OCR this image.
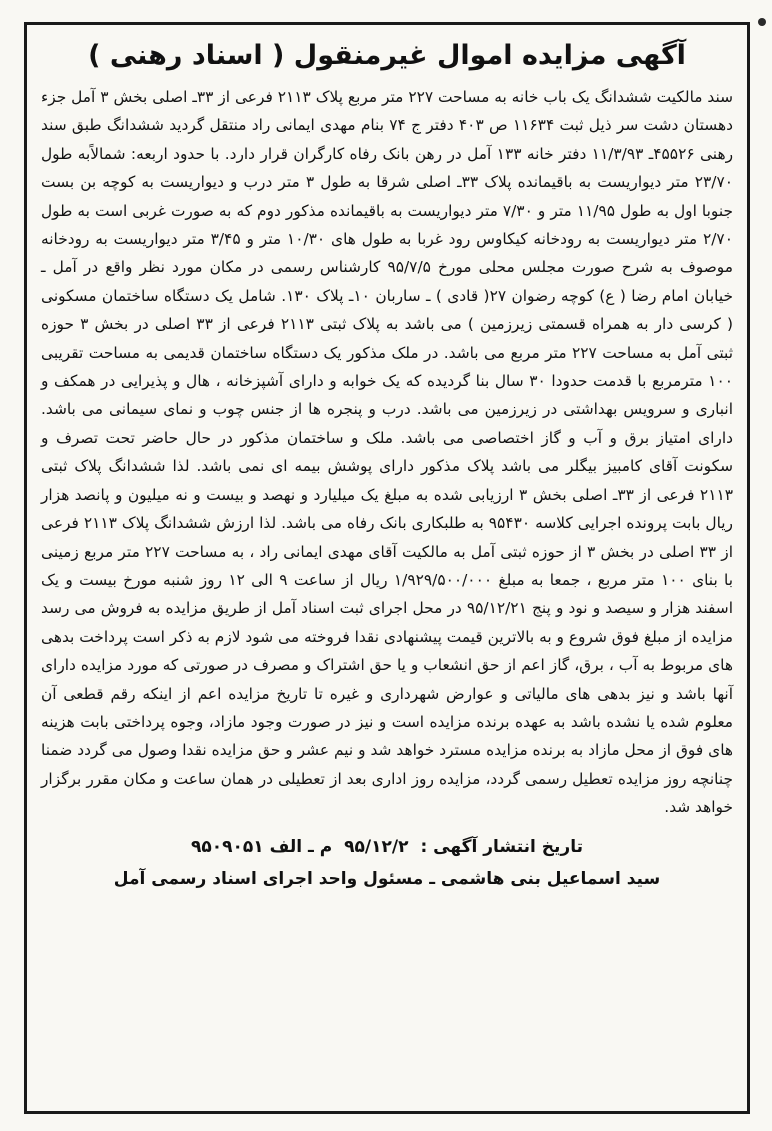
آگهی مزایده اموال غیرمنقول ( اسناد رهنی )

سند مالکیت ششدانگ یک باب خانه به مساحت ۲۲۷ متر مربع پلاک ۲۱۱۳ فرعی از ۳۳ـ اصلی بخش ۳ آمل جزء دهستان دشت سر ذیل ثبت ۱۱۶۳۴ ص ۴۰۳ دفتر ج ۷۴ بنام مهدی ایمانی راد منتقل گردید ششدانگ طبق سند رهنی ۴۵۵۲۶ـ ۱۱/۳/۹۳ دفتر خانه ۱۳۳ آمل در رهن بانک رفاه کارگران قرار دارد. با حدود اربعه: شمالاًبه طول ۲۳/۷۰ متر دیواریست به باقیمانده پلاک ۳۳ـ اصلی شرقا به طول ۳ متر درب و دیواریست به کوچه بن بست جنوبا اول به طول ۱۱/۹۵ متر و ۷/۳۰ متر دیواریست به باقیمانده مذکور دوم که به صورت غربی است به طول ۲/۷۰ متر دیواریست به رودخانه کیکاوس رود غربا به طول های ۱۰/۳۰ متر و ۳/۴۵ متر دیواریست به رودخانه موصوف به شرح صورت مجلس محلی مورخ ۹۵/۷/۵ کارشناس رسمی در مکان مورد نظر واقع در آمل ـ خیابان امام رضا ( ع) کوچه رضوان ۲۷( قادی ) ـ ساربان ۱۰ـ پلاک ۱۳۰. شامل یک دستگاه ساختمان مسکونی ( کرسی دار به همراه قسمتی زیرزمین ) می باشد به پلاک ثبتی ۲۱۱۳ فرعی از ۳۳ اصلی در بخش ۳ حوزه ثبتی آمل به مساحت ۲۲۷ متر مربع می باشد. در ملک مذکور یک دستگاه ساختمان قدیمی به مساحت تقریبی ۱۰۰ مترمربع با قدمت حدودا ۳۰ سال بنا گردیده که یک خوابه و دارای آشپزخانه ، هال و پذیرایی در همکف و انباری و سرویس بهداشتی در زیرزمین می باشد. درب و پنجره ها از جنس چوب و نمای سیمانی می باشد. دارای امتیاز برق و آب و گاز اختصاصی می باشد. ملک و ساختمان مذکور در حال حاضر تحت تصرف و سکونت آقای کامبیز بیگلر می باشد پلاک مذکور دارای پوشش بیمه ای نمی باشد. لذا ششدانگ پلاک ثبتی ۲۱۱۳ فرعی از ۳۳ـ اصلی بخش ۳ ارزیابی شده به مبلغ یک میلیارد و نهصد و بیست و نه میلیون و پانصد هزار ریال بابت پرونده اجرایی کلاسه ۹۵۴۳۰ به طلبکاری بانک رفاه می باشد. لذا ارزش ششدانگ پلاک ۲۱۱۳ فرعی از ۳۳ اصلی در بخش ۳ از حوزه ثبتی آمل به مالکیت آقای مهدی ایمانی راد ، به مساحت ۲۲۷ متر مربع زمینی با بنای ۱۰۰ متر مربع ، جمعا به مبلغ ۱/۹۲۹/۵۰۰/۰۰۰ ریال از ساعت ۹ الی ۱۲ روز شنبه مورخ بیست و یک اسفند هزار و سیصد و نود و پنج ۹۵/۱۲/۲۱ در محل اجرای ثبت اسناد آمل از طریق مزایده به فروش می رسد مزایده از مبلغ فوق شروع و به بالاترین قیمت پیشنهادی نقدا فروخته می شود لازم به ذکر است پرداخت بدهی های مربوط به آب ، برق، گاز اعم از حق انشعاب و یا حق اشتراک و مصرف در صورتی که مورد مزایده دارای آنها باشد و نیز بدهی های مالیاتی و عوارض شهرداری و غیره تا تاریخ مزایده اعم از اینکه رقم قطعی آن معلوم شده یا نشده باشد به عهده برنده مزایده است و نیز در صورت وجود مازاد، وجوه پرداختی بابت هزینه های فوق از محل مازاد به برنده مزایده مسترد خواهد شد و نیم عشر و حق مزایده نقدا وصول می گردد ضمنا چنانچه روز مزایده تعطیل رسمی گردد، مزایده روز اداری بعد از تعطیلی در همان ساعت و مکان مقرر برگزار خواهد شد.

تاریخ انتشار آگهی :۹۵/۱۲/۲م ـ الف ۹۵۰۹۰۵۱
سید اسماعیل بنی هاشمی ـ مسئول واحد اجرای اسناد رسمی آمل
